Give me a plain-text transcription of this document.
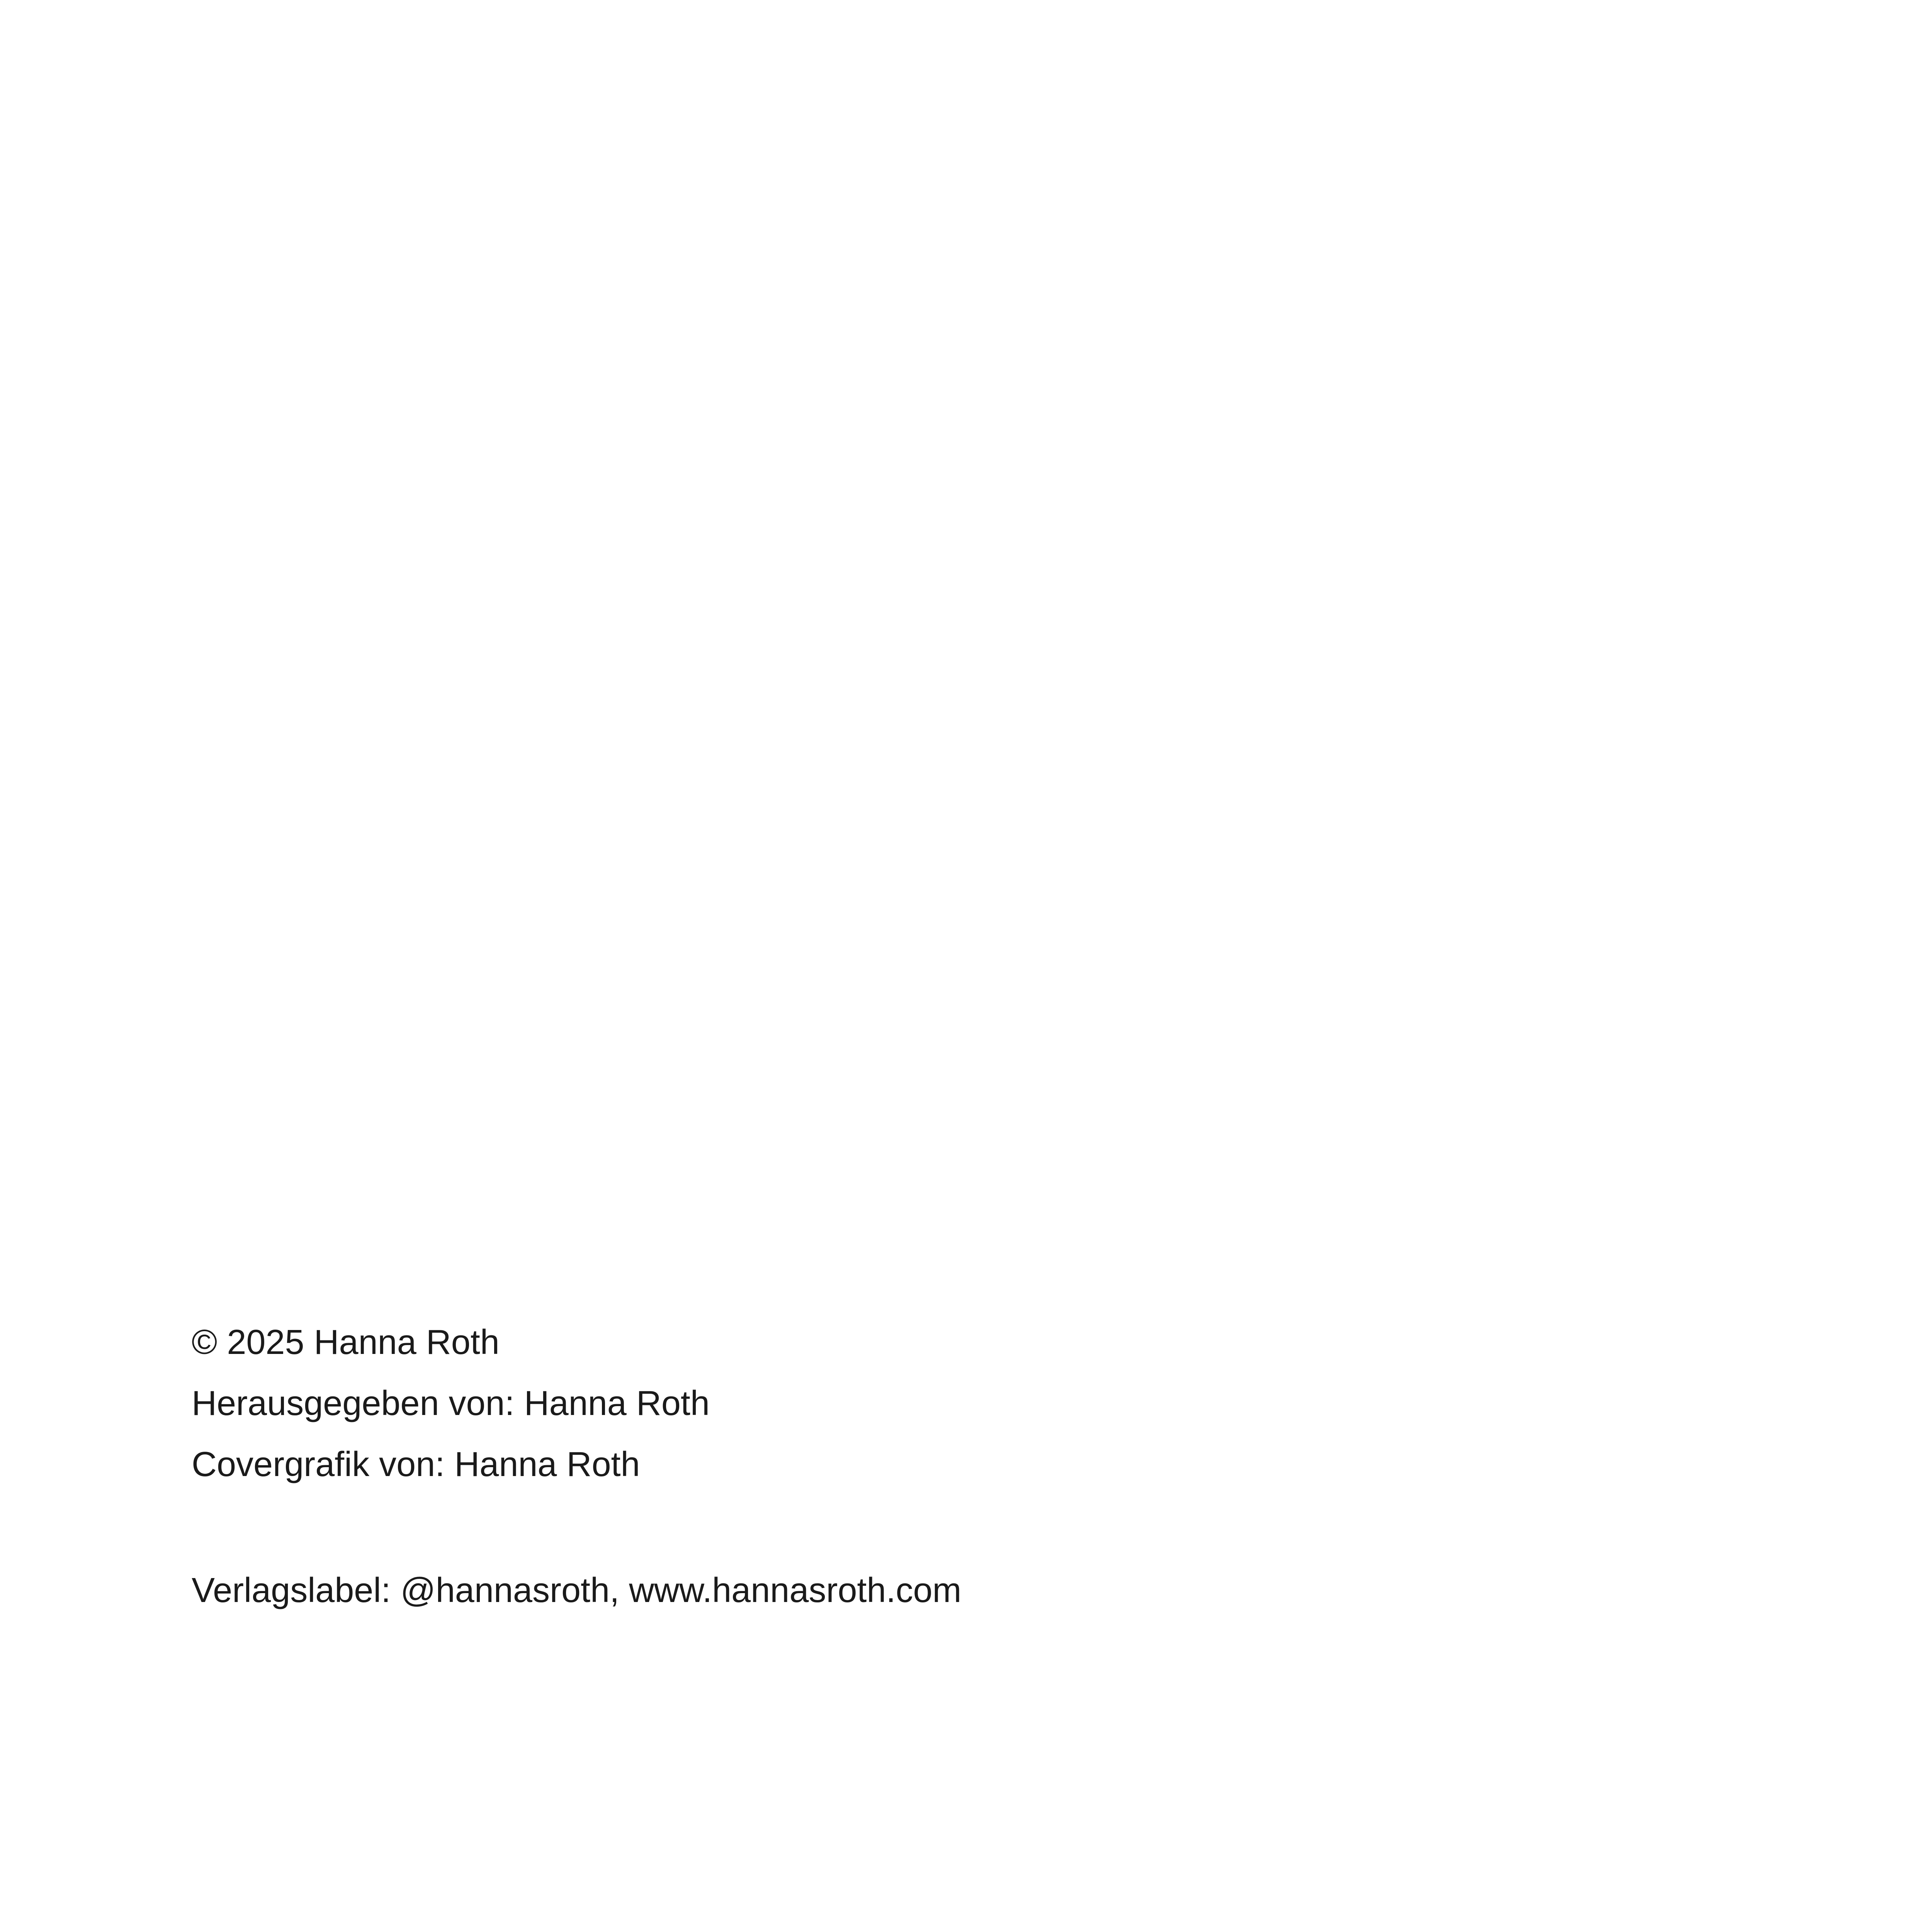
© 2025 Hanna Roth
Herausgegeben von: Hanna Roth
Covergrafik von: Hanna Roth
Verlagslabel: @hannasroth, www.hannasroth.com
